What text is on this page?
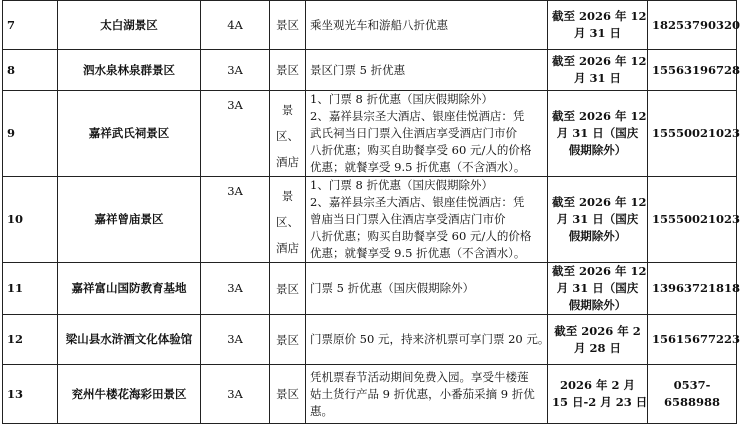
7	太白湖景区	4A	景区	乘坐观光车和游船八折优惠	截至 2026 年 12
月 31 日	18253790320
8	泗水泉林泉群景区	3A	景区	景区门票 5 折优惠	截至 2026 年 12
月 31 日	15563196728
9	嘉祥武氏祠景区	3A	景区、
酒店	1、门票 8 折优惠（国庆假期除外）
2、嘉祥县宗圣大酒店、银座佳悦酒店：凭
武氏祠当日门票入住酒店享受酒店门市价
八折优惠；购买自助餐享受 60 元/人的价格
优惠；就餐享受 9.5 折优惠（不含酒水）。	截至 2026 年 12
月 31 日（国庆
假期除外）	15550021023
10	嘉祥曾庙景区	3A	景区、
酒店	1、门票 8 折优惠（国庆假期除外）
2、嘉祥县宗圣大酒店、银座佳悦酒店：凭
曾庙当日门票入住酒店享受酒店门市价
八折优惠；购买自助餐享受 60 元/人的价格
优惠；就餐享受 9.5 折优惠（不含酒水）。	截至 2026 年 12
月 31 日（国庆
假期除外）	15550021023
11	嘉祥富山国防教育基地	3A	景区	门票 5 折优惠（国庆假期除外）	截至 2026 年 12
月 31 日（国庆
假期除外）	13963721818
12	梁山县水浒酒文化体验馆	3A	景区	门票原价 50 元，持来济机票可享门票 20 元。	截至 2026 年 2
月 28 日	15615677223
13	兖州牛楼花海彩田景区	3A	景区	凭机票春节活动期间免费入园。享受牛楼莲
姑土货行产品 9 折优惠，小番茄采摘 9 折优
惠。	2026 年 2 月
15 日-2 月 23 日	0537-6588988
